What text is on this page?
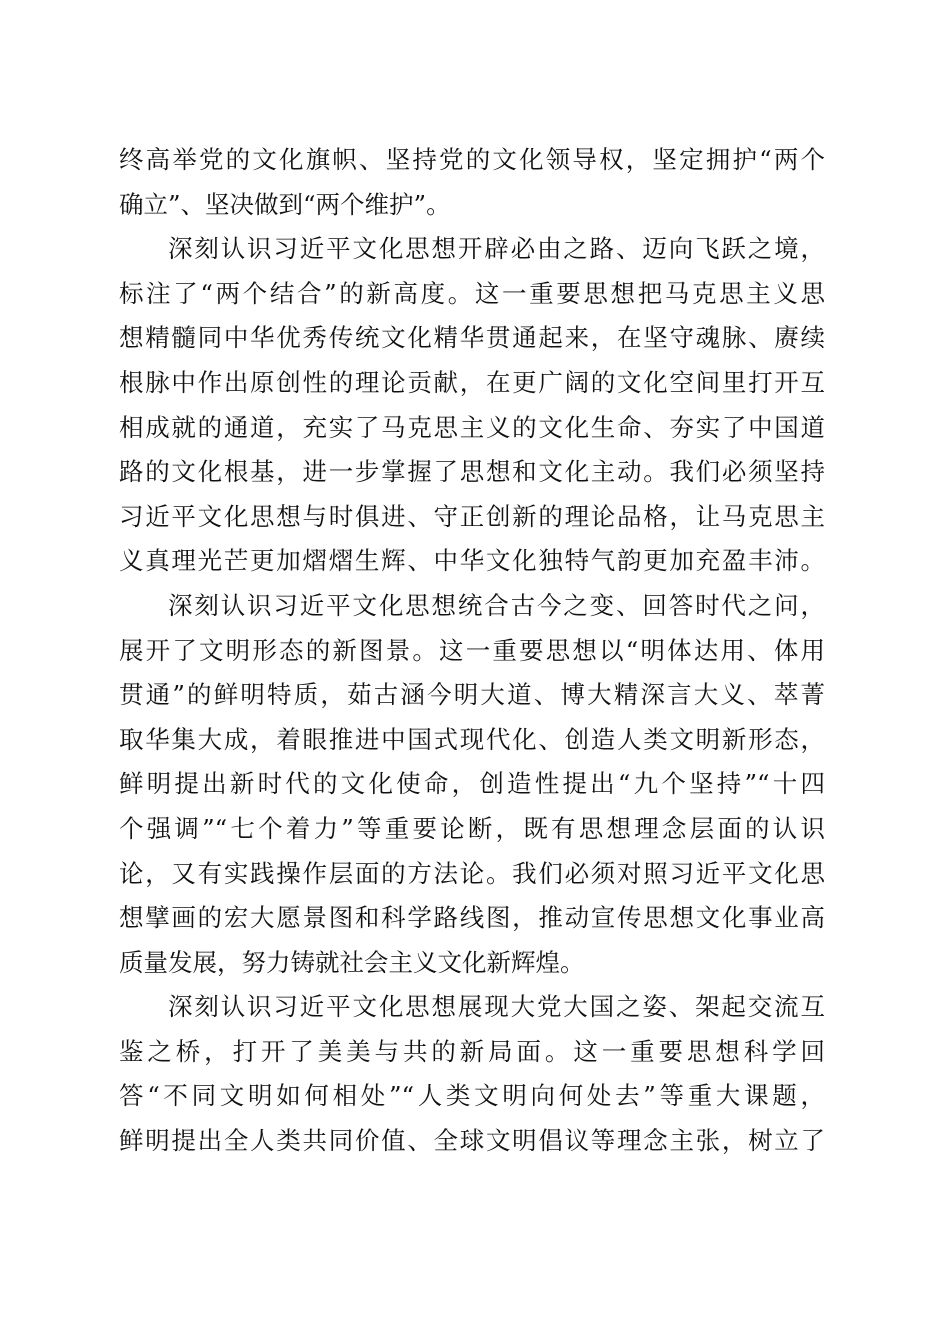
终高举党的文化旗帜、坚持党的文化领导权，坚定拥护“两个
确立”、坚决做到“两个维护”。
深刻认识习近平文化思想开辟必由之路、迈向飞跃之境，
标注了“两个结合”的新高度。这一重要思想把马克思主义思
想精髓同中华优秀传统文化精华贯通起来，在坚守魂脉、赓续
根脉中作出原创性的理论贡献，在更广阔的文化空间里打开互
相成就的通道，充实了马克思主义的文化生命、夯实了中国道
路的文化根基，进一步掌握了思想和文化主动。我们必须坚持
习近平文化思想与时俱进、守正创新的理论品格，让马克思主
义真理光芒更加熠熠生辉、中华文化独特气韵更加充盈丰沛。
深刻认识习近平文化思想统合古今之变、回答时代之问，
展开了文明形态的新图景。这一重要思想以“明体达用、体用
贯通”的鲜明特质，茹古涵今明大道、博大精深言大义、萃菁
取华集大成，着眼推进中国式现代化、创造人类文明新形态，
鲜明提出新时代的文化使命，创造性提出“九个坚持”“十四
个强调”“七个着力”等重要论断，既有思想理念层面的认识
论，又有实践操作层面的方法论。我们必须对照习近平文化思
想擘画的宏大愿景图和科学路线图，推动宣传思想文化事业高
质量发展，努力铸就社会主义文化新辉煌。
深刻认识习近平文化思想展现大党大国之姿、架起交流互
鉴之桥，打开了美美与共的新局面。这一重要思想科学回
答“不同文明如何相处”“人类文明向何处去”等重大课题，
鲜明提出全人类共同价值、全球文明倡议等理念主张，树立了
